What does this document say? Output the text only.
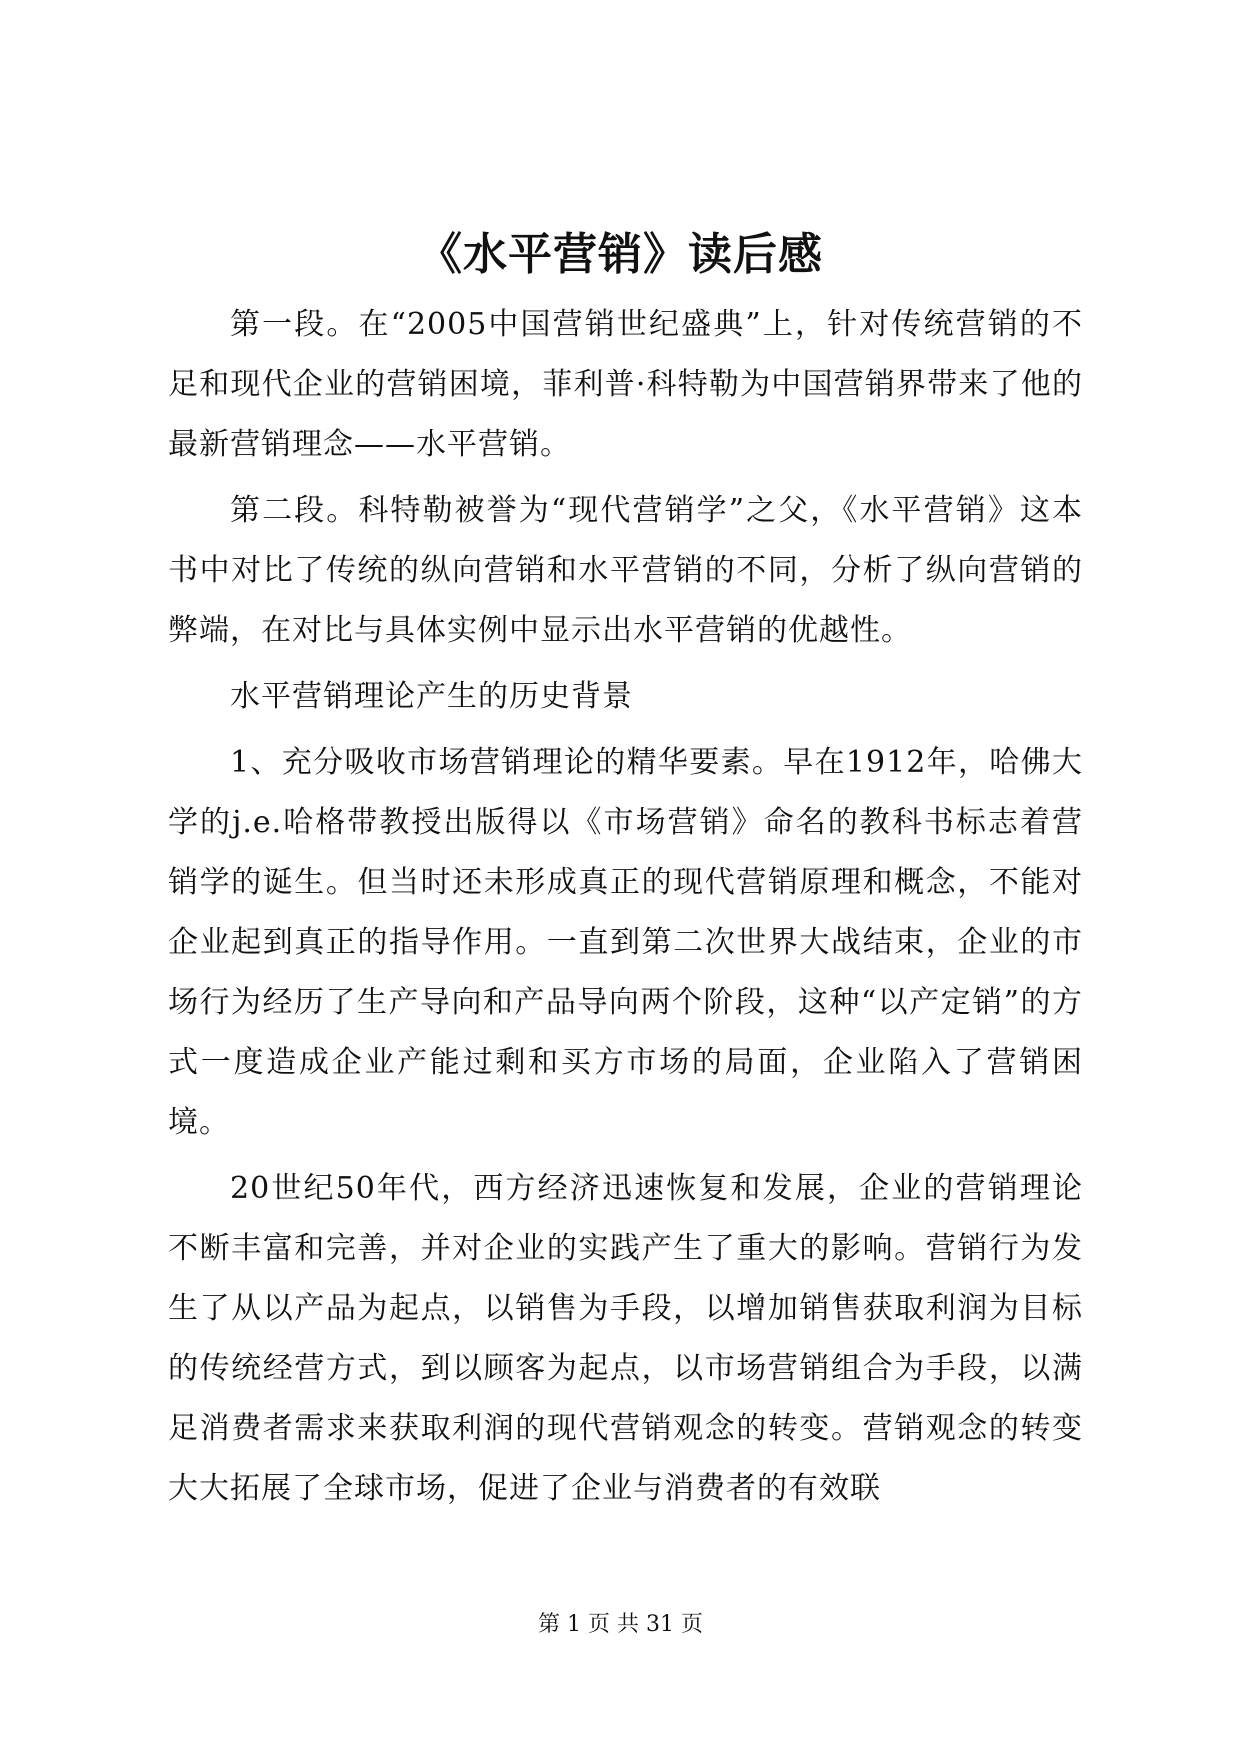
《水平营销》读后感

第一段。在“2005中国营销世纪盛典”上，针对传统营销的不足和现代企业的营销困境，菲利普·科特勒为中国营销界带来了他的最新营销理念——水平营销。

第二段。科特勒被誉为“现代营销学”之父，《水平营销》这本书中对比了传统的纵向营销和水平营销的不同，分析了纵向营销的弊端，在对比与具体实例中显示出水平营销的优越性。

水平营销理论产生的历史背景

1、充分吸收市场营销理论的精华要素。早在1912年，哈佛大学的j.e.哈格带教授出版得以《市场营销》命名的教科书标志着营销学的诞生。但当时还未形成真正的现代营销原理和概念，不能对企业起到真正的指导作用。一直到第二次世界大战结束，企业的市场行为经历了生产导向和产品导向两个阶段，这种“以产定销”的方式一度造成企业产能过剩和买方市场的局面，企业陷入了营销困境。

20世纪50年代，西方经济迅速恢复和发展，企业的营销理论不断丰富和完善，并对企业的实践产生了重大的影响。营销行为发生了从以产品为起点，以销售为手段，以增加销售获取利润为目标的传统经营方式，到以顾客为起点，以市场营销组合为手段，以满足消费者需求来获取利润的现代营销观念的转变。营销观念的转变大大拓展了全球市场，促进了企业与消费者的有效联

第 1 页 共 31 页
